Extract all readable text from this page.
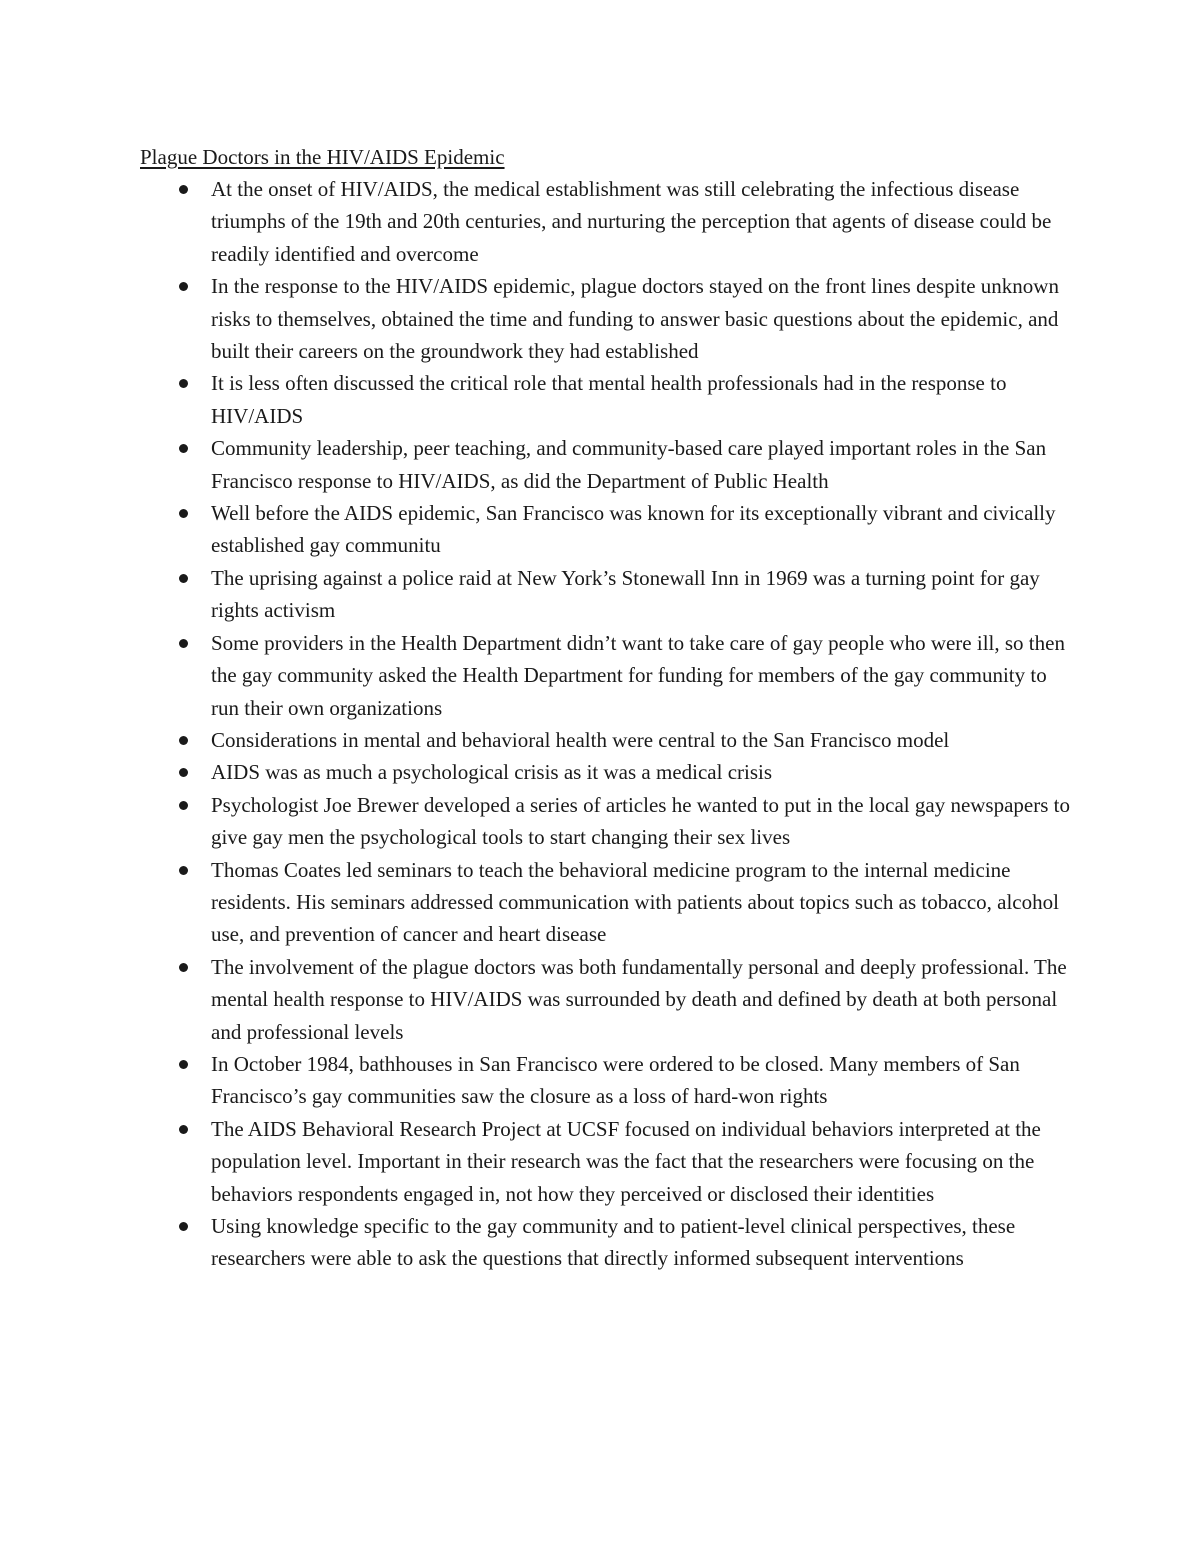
Plague Doctors in the HIV/AIDS Epidemic
At the onset of HIV/AIDS, the medical establishment was still celebrating the infectious disease triumphs of the 19th and 20th centuries, and nurturing the perception that agents of disease could be readily identified and overcome
In the response to the HIV/AIDS epidemic, plague doctors stayed on the front lines despite unknown risks to themselves, obtained the time and funding to answer basic questions about the epidemic, and built their careers on the groundwork they had established
It is less often discussed the critical role that mental health professionals had in the response to HIV/AIDS
Community leadership, peer teaching, and community-based care played important roles in the San Francisco response to HIV/AIDS, as did the Department of Public Health
Well before the AIDS epidemic, San Francisco was known for its exceptionally vibrant and civically established gay communitu
The uprising against a police raid at New York’s Stonewall Inn in 1969 was a turning point for gay rights activism
Some providers in the Health Department didn’t want to take care of gay people who were ill, so then the gay community asked the Health Department for funding for members of the gay community to run their own organizations
Considerations in mental and behavioral health were central to the San Francisco model
AIDS was as much a psychological crisis as it was a medical crisis
Psychologist Joe Brewer developed a series of articles he wanted to put in the local gay newspapers to give gay men the psychological tools to start changing their sex lives
Thomas Coates led seminars to teach the behavioral medicine program to the internal medicine residents. His seminars addressed communication with patients about topics such as tobacco, alcohol use, and prevention of cancer and heart disease
The involvement of the plague doctors was both fundamentally personal and deeply professional. The mental health response to HIV/AIDS was surrounded by death and defined by death at both personal and professional levels
In October 1984, bathhouses in San Francisco were ordered to be closed. Many members of San Francisco’s gay communities saw the closure as a loss of hard-won rights
The AIDS Behavioral Research Project at UCSF focused on individual behaviors interpreted at the population level. Important in their research was the fact that the researchers were focusing on the behaviors respondents engaged in, not how they perceived or disclosed their identities
Using knowledge specific to the gay community and to patient-level clinical perspectives, these researchers were able to ask the questions that directly informed subsequent interventions
